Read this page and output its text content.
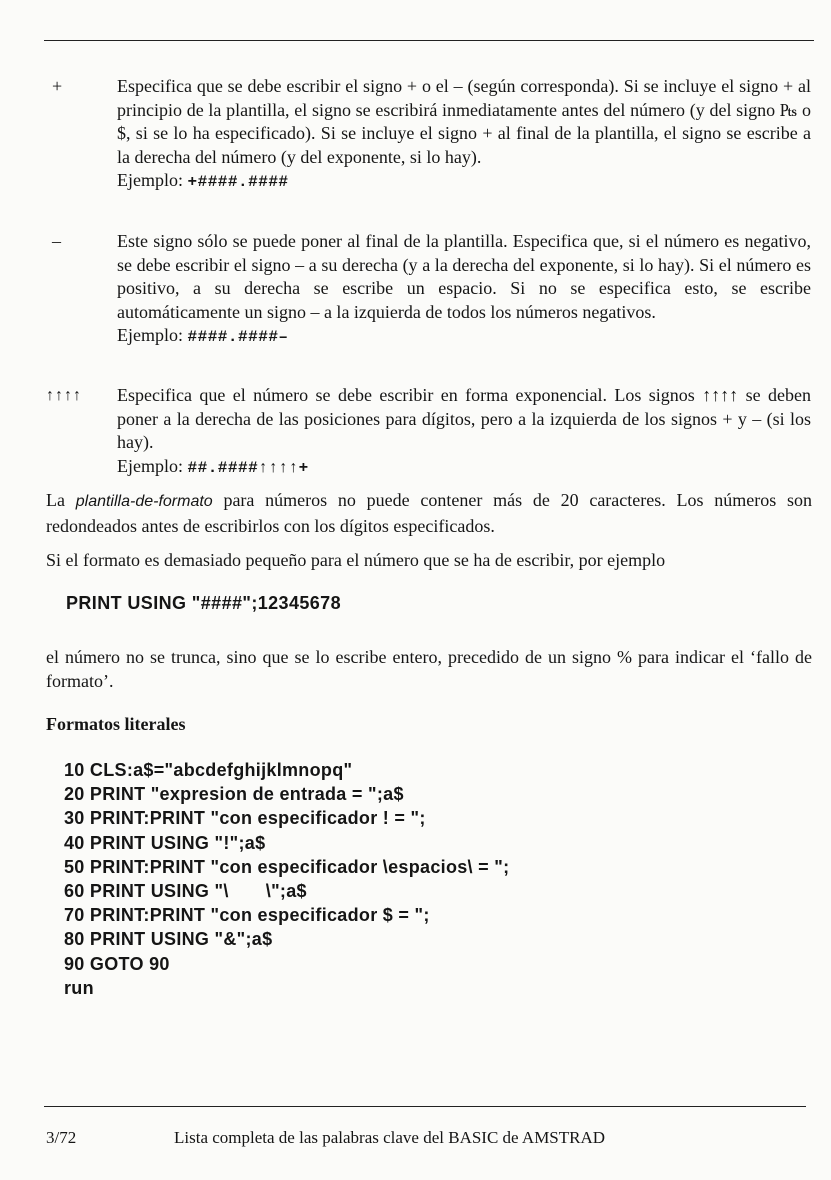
+	Especifica que se debe escribir el signo + o el – (según corresponda). Si se incluye el signo + al principio de la plantilla, el signo se escribirá inmediatamente antes del número (y del signo ₧ o $, si se lo ha especificado). Si se incluye el signo + al final de la plantilla, el signo se escribe a la derecha del número (y del exponente, si lo hay).
Ejemplo: +####.####
–	Este signo sólo se puede poner al final de la plantilla. Especifica que, si el número es negativo, se debe escribir el signo – a su derecha (y a la derecha del exponente, si lo hay). Si el número es positivo, a su derecha se escribe un espacio. Si no se especifica esto, se escribe automáticamente un signo – a la izquierda de todos los números negativos.
Ejemplo: ####.####–
↑↑↑↑	Especifica que el número se debe escribir en forma exponencial. Los signos ↑↑↑↑ se deben poner a la derecha de las posiciones para dígitos, pero a la izquierda de los signos + y – (si los hay).
Ejemplo: ##.####↑↑↑↑+
La plantilla-de-formato para números no puede contener más de 20 caracteres. Los números son redondeados antes de escribirlos con los dígitos especificados.
Si el formato es demasiado pequeño para el número que se ha de escribir, por ejemplo
PRINT USING "####";12345678
el número no se trunca, sino que se lo escribe entero, precedido de un signo % para indicar el ‘fallo de formato’.
Formatos literales
10 CLS:a$="abcdefghijklmnopq"
20 PRINT "expresion de entrada = ";a$
30 PRINT:PRINT "con especificador ! = ";
40 PRINT USING "!";a$
50 PRINT:PRINT "con especificador \espacios\ = ";
60 PRINT USING "\       \";a$
70 PRINT:PRINT "con especificador $ = ";
80 PRINT USING "&";a$
90 GOTO 90
run
3/72	Lista completa de las palabras clave del BASIC de AMSTRAD
